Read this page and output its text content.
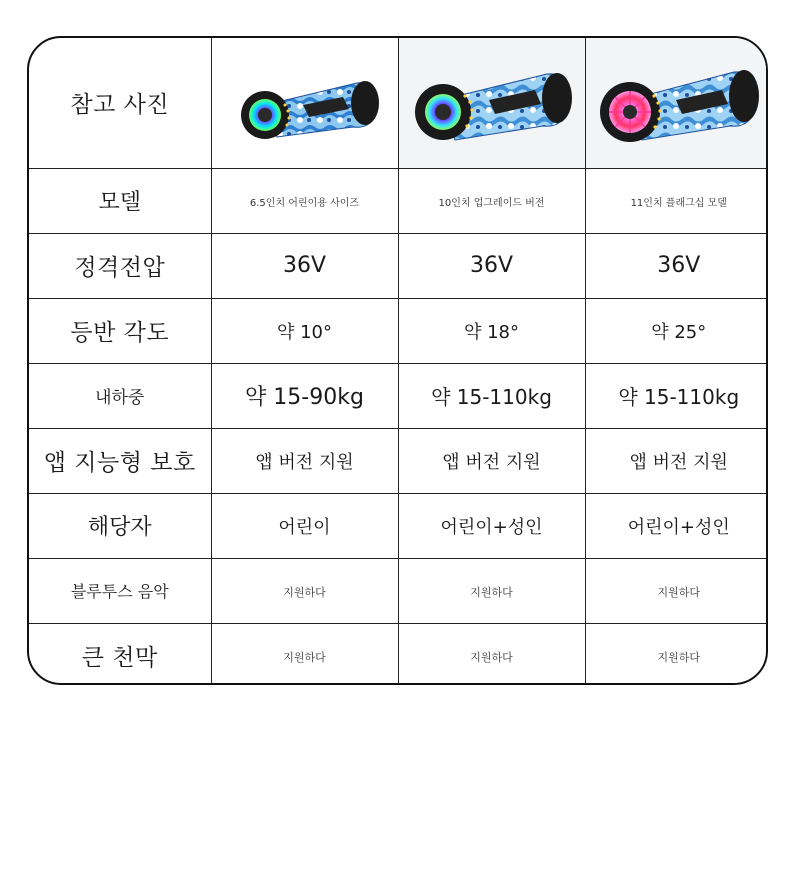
참고 사진	

모델	6.5인치 어린이용 사이즈	10인치 업그레이드 버전	11인치 플래그십 모델
정격전압	36V	36V	36V
등반 각도	약 10°	약 18°	약 25°
내하중	약 15-90kg	약 15-110kg	약 15-110kg
앱 지능형 보호	앱 버전 지원	앱 버전 지원	앱 버전 지원
해당자	어린이	어린이+성인	어린이+성인
블루투스 음악	지원하다	지원하다	지원하다
큰 천막	지원하다	지원하다	지원하다
